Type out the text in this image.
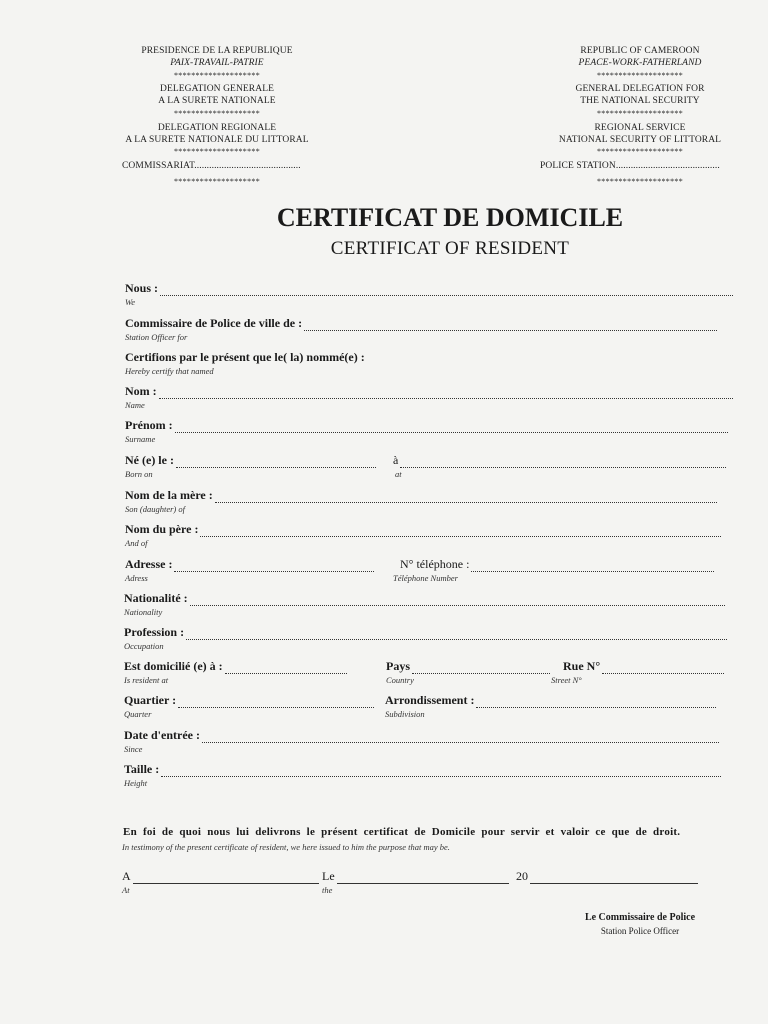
PRESIDENCE DE LA REPUBLIQUE
PAIX-TRAVAIL-PATRIE
********************
DELEGATION GENERALE
A LA SURETE NATIONALE
********************
DELEGATION REGIONALE
A LA SURETE NATIONALE DU LITTORAL
********************
COMMISSARIAT...........................................
********************
REPUBLIC OF CAMEROON
PEACE-WORK-FATHERLAND
********************
GENERAL DELEGATION FOR
THE NATIONAL SECURITY
********************
REGIONAL SERVICE
NATIONAL SECURITY OF LITTORAL
********************
POLICE STATION..........................................
********************
CERTIFICAT DE DOMICILE
CERTIFICAT OF RESIDENT
Nous :
We
Commissaire de Police de ville de :
Station Officer for
Certifions par le présent que le( la) nommé(e) :
Hereby certify that named
Nom :
Name
Prénom :
Surname
Né (e) le :	à
Born on	at
Nom de la mère :
Son (daughter) of
Nom du père :
And of
Adresse :	N° téléphone :
Adress	Téléphone Number
Nationalité :
Nationality
Profession :
Occupation
Est domicilié (e) à :	Pays	Rue N°
Is resident at	Country	Street N°
Quartier :	Arrondissement :
Quarter	Subdivision
Date d'entrée :
Since
Taille :
Height
En foi de quoi nous lui delivrons le présent certificat de Domicile pour servir et valoir ce que de droit.
In testimony of the present certificate of resident, we here issued to him the purpose that may be.
A	Le	20
At	the
Le Commissaire de Police
Station Police Officer
